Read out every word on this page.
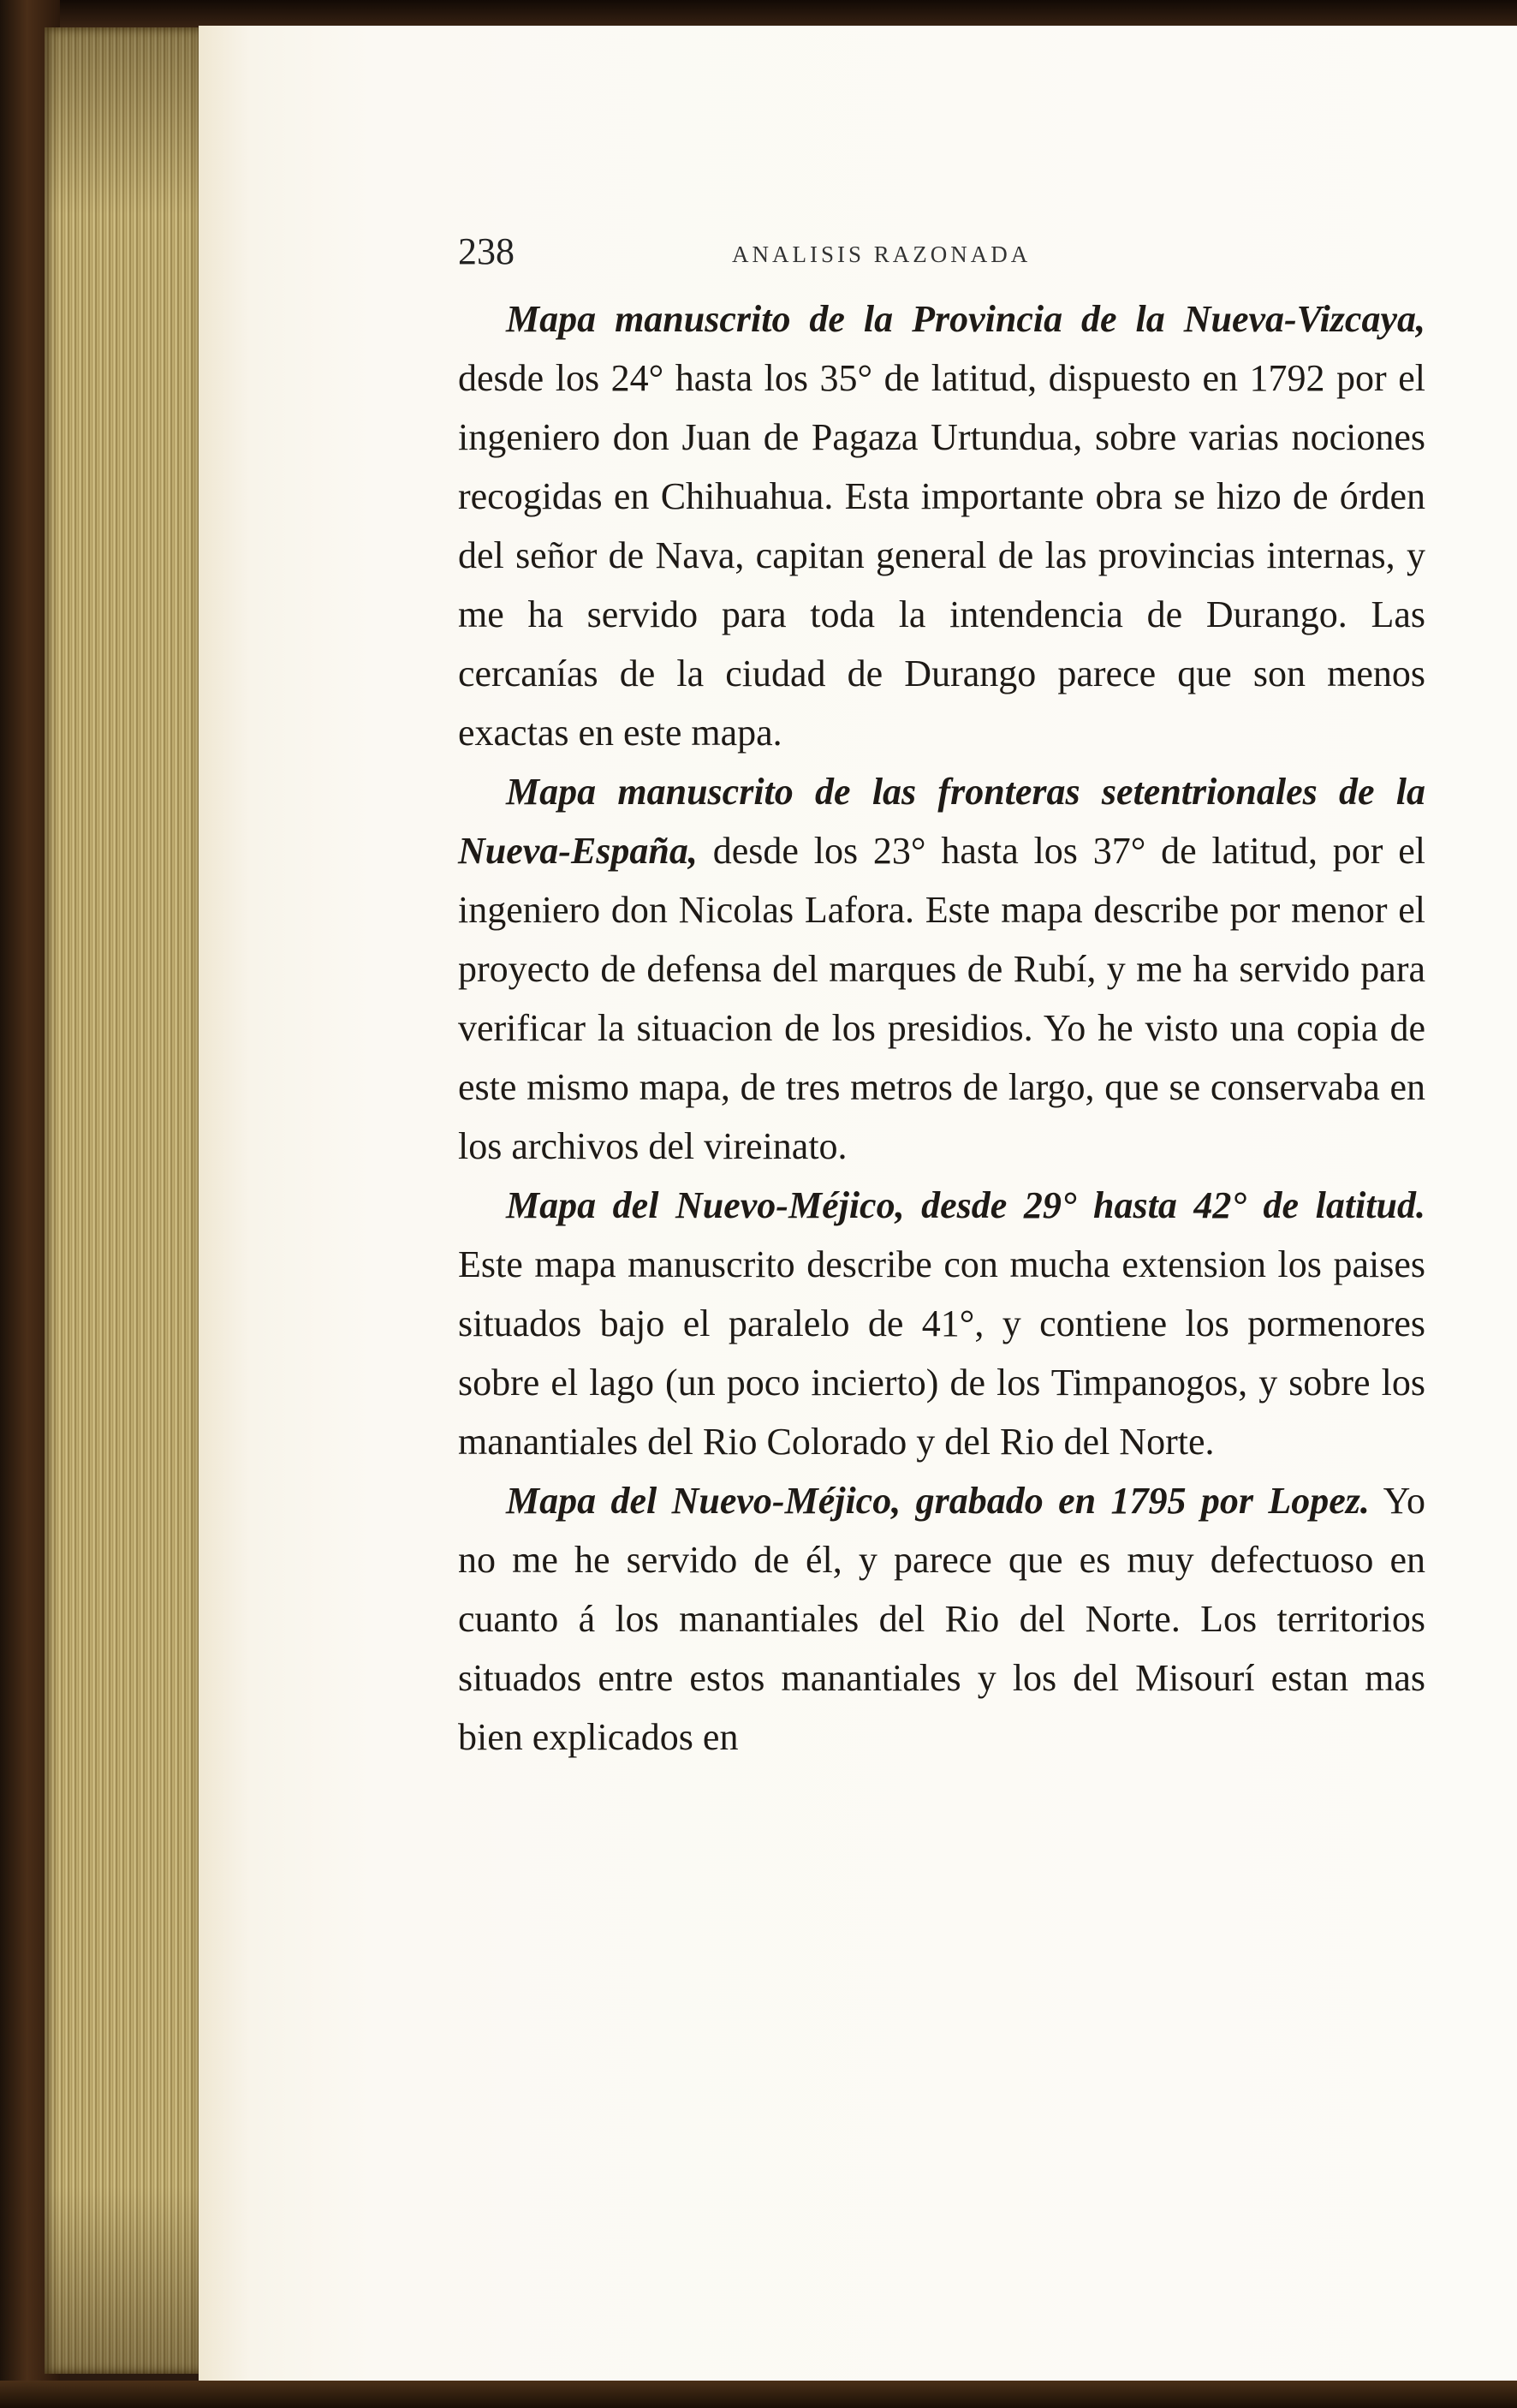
238	ANALISIS RAZONADA

Mapa manuscrito de la Provincia de la Nueva-Vizcaya, desde los 24° hasta los 35° de latitud, dispuesto en 1792 por el ingeniero don Juan de Pagaza Urtundua, sobre varias nociones recogidas en Chihuahua. Esta importante obra se hizo de órden del señor de Nava, capitan general de las provincias internas, y me ha servido para toda la intendencia de Durango. Las cercanías de la ciudad de Durango parece que son menos exactas en este mapa.

Mapa manuscrito de las fronteras setentrionales de la Nueva-España, desde los 23° hasta los 37° de latitud, por el ingeniero don Nicolas Lafora. Este mapa describe por menor el proyecto de defensa del marques de Rubí, y me ha servido para verificar la situacion de los presidios. Yo he visto una copia de este mismo mapa, de tres metros de largo, que se conservaba en los archivos del vireinato.

Mapa del Nuevo-Méjico, desde 29° hasta 42° de latitud. Este mapa manuscrito describe con mucha extension los paises situados bajo el paralelo de 41°, y contiene los pormenores sobre el lago (un poco incierto) de los Timpanogos, y sobre los manantiales del Rio Colorado y del Rio del Norte.

Mapa del Nuevo-Méjico, grabado en 1795 por Lopez. Yo no me he servido de él, y parece que es muy defectuoso en cuanto á los manantiales del Rio del Norte. Los territorios situados entre estos manantiales y los del Misourí estan mas bien explicados en
